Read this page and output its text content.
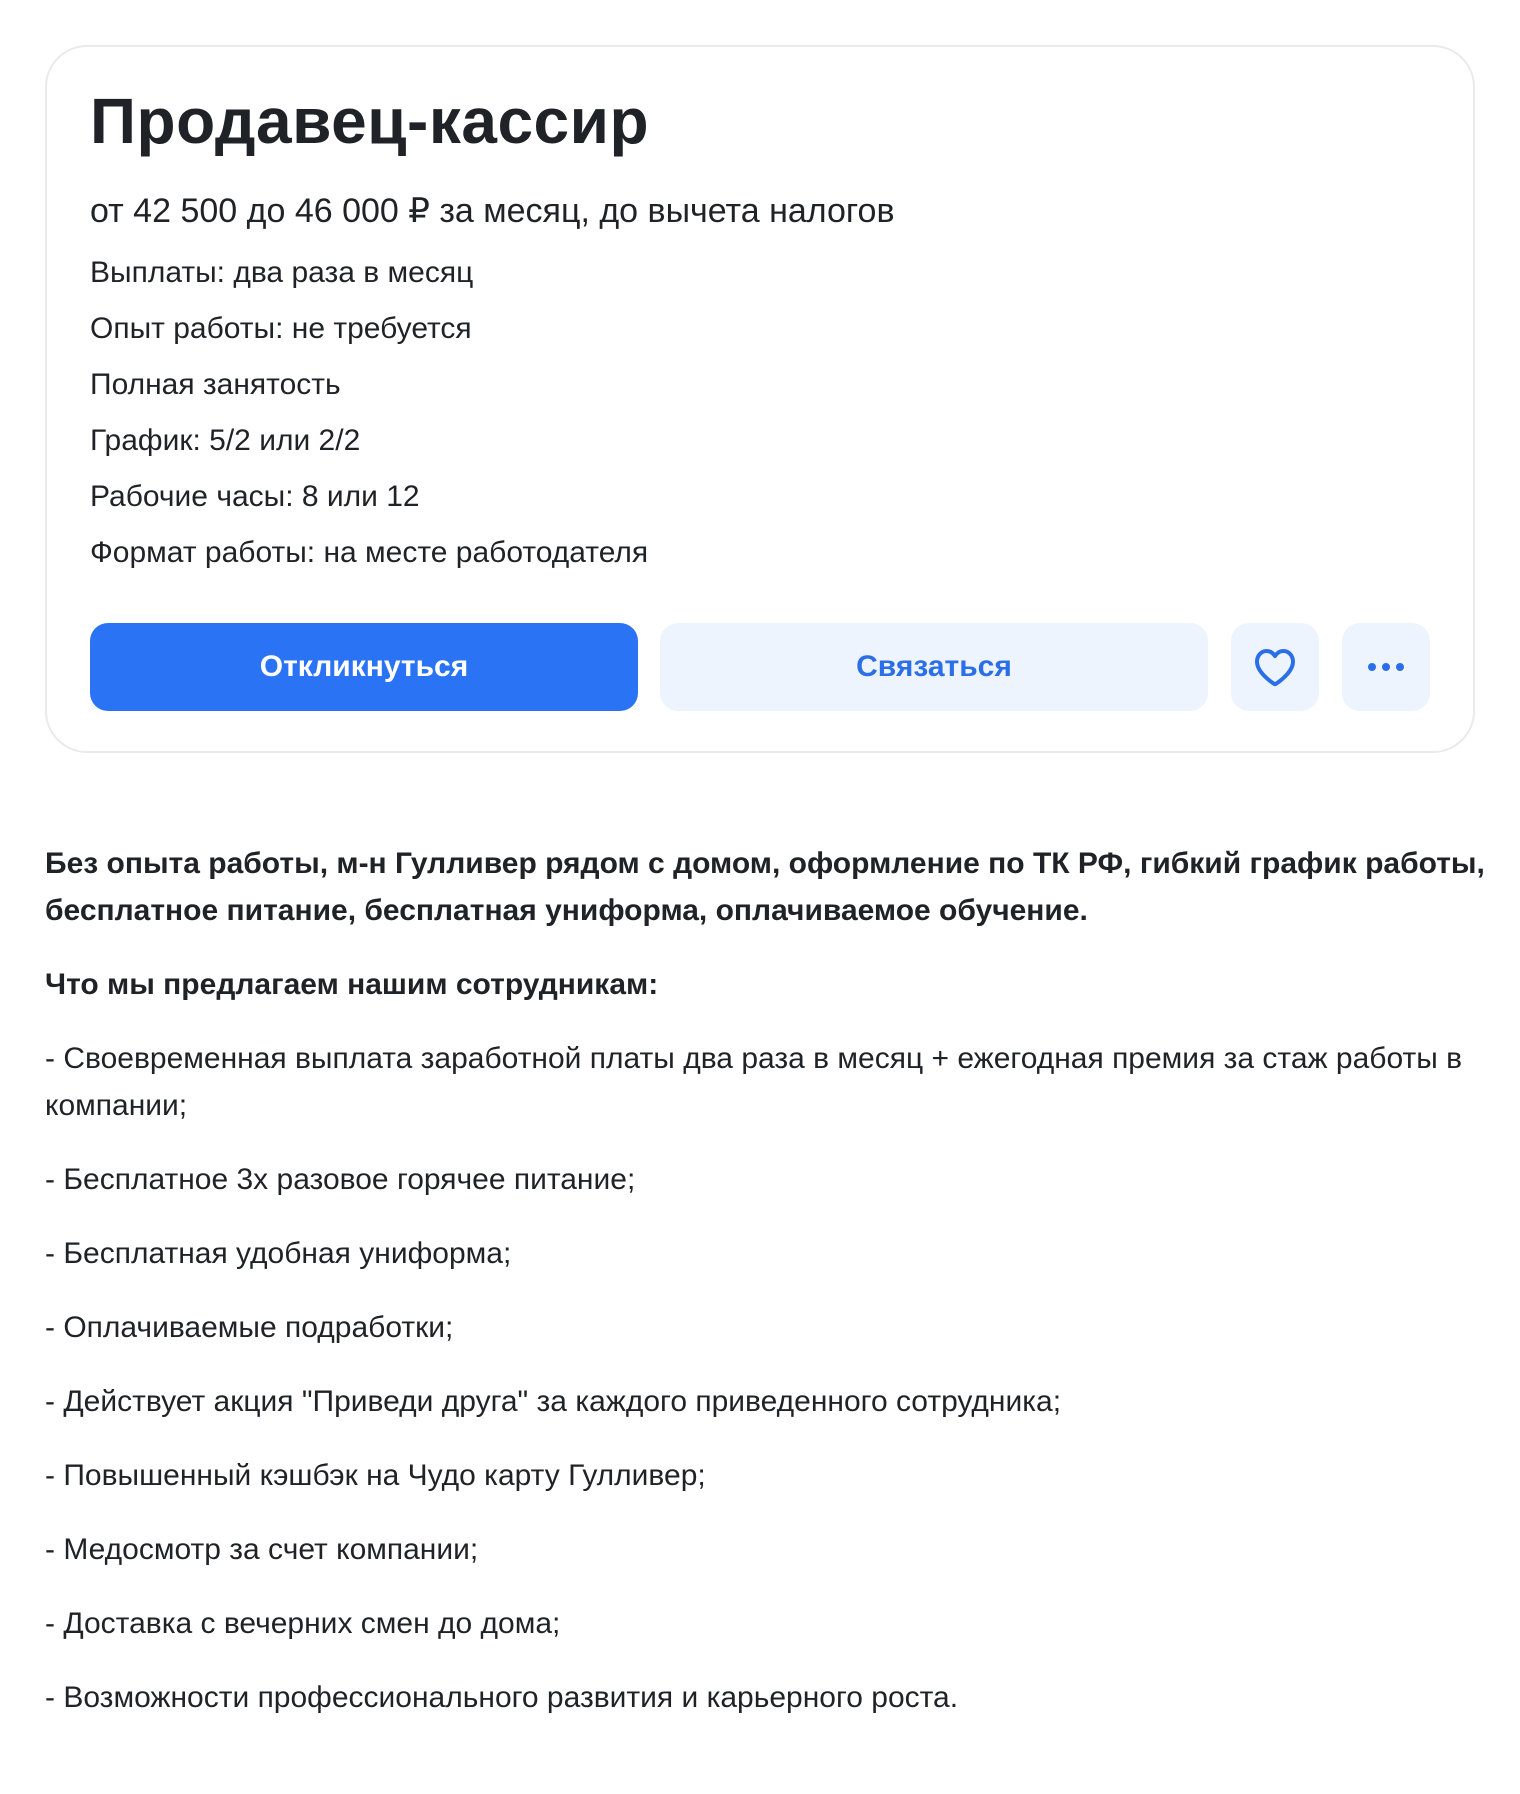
Продавец-кассир
от 42 500 до 46 000 ₽ за месяц, до вычета налогов
Выплаты: два раза в месяц
Опыт работы: не требуется
Полная занятость
График: 5/2 или 2/2
Рабочие часы: 8 или 12
Формат работы: на месте работодателя
Откликнуться	Связаться

Без опыта работы, м-н Гулливер рядом с домом, оформление по ТК РФ, гибкий график работы, бесплатное питание, бесплатная униформа, оплачиваемое обучение.

Что мы предлагаем нашим сотрудникам:

- Своевременная выплата заработной платы два раза в месяц + ежегодная премия за стаж работы в компании;
- Бесплатное 3х разовое горячее питание;
- Бесплатная удобная униформа;
- Оплачиваемые подработки;
- Действует акция "Приведи друга" за каждого приведенного сотрудника;
- Повышенный кэшбэк на Чудо карту Гулливер;
- Медосмотр за счет компании;
- Доставка с вечерних смен до дома;
- Возможности профессионального развития и карьерного роста.
